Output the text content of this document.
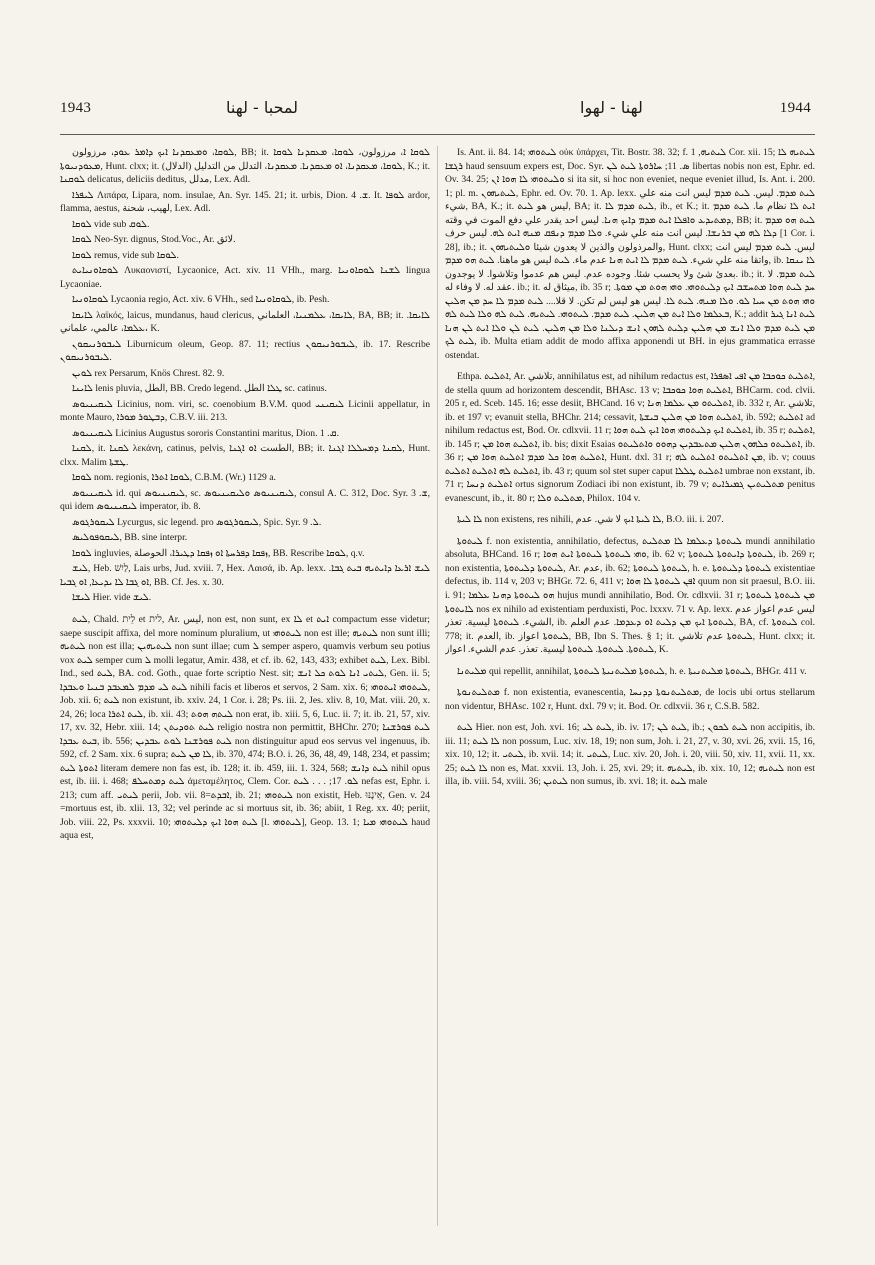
1943	لمحبا - لهنا	لهنا - لهوا	1944

ܠܘܩܐ، ܘܡܥܩܕܢܐ ܐܝܟ ܕܐܡܪ ܥܘܕ، مرزولون, BB; it. ܠܘܩܐ ܐ، مرزولون، ܠܘܩܐ، ܡܥܩܕܢܐ ܠܘܩܐ ܡܥܘܕܢܝܘܬܐ, Hunt. clxx; it. ܠܘܩܐ، ܡܥܩܕܢܐ، ܐܘ ܡܥܩܕܢܐ. ܡܥܩܕܢܐ، التدلل من التدليل (الدلال), K.; it. ܠܘܩܢܐ delicatus, deliciis deditus, مدلل, Lex. Adl.

ܠܝܦܪܐ Λιπάρα, Lipara, nom. insulae, An. Syr. 145. 21; it. urbis, Dion. ܫ. 4. It. ܠܘܦܐ ardor, flamma, aestus, لهيب، شحنة, Lex. Adl.

ܠܘܩܐ vide sub ܠܘܩ.

ܠܘܩܐ Neo-Syr. dignus, Stod.Voc., Ar. لائق.

ܠܘܩܐ remus, vide sub ܠܘܩܐ.

ܠܘܩܐܘܢܝܐܝܬ Λυκαονιστί, Lycaonice, Act. xiv. 11 VHh., marg. ܠܫܢܐ ܠܘܩܐܘܢܝܐ lingua Lycaoniae.

ܠܘܩܐܘܢܝܐ Lycaonia regio, Act. xiv. 6 VHh., sed ܠܘܩܐܘܢܝܐ, ib. Pesh.

ܠܐܝܩܐ λαϊκός, laicus, mundanus, haud clericus, ܠܐܝܩܐ، ܥܠܡܢܝܐ، العلماني, BA, BB; it. ܠܐܝܩܐ. ܥܠܡܐ، عالمي، علماني، K.

ܠܝܒܘܪܢܝܩܘܢ Liburnicum oleum, Geop. 87. 11; rectius ܠܝܒܘܪܢܝܩܘܢ, ib. 17. Rescribe ܠܝܒܘܪܢܝܩܘܢ.

ܠܘܝܢ rex Persarum, Knös Chrest. 82. 9.

ܠܐܝܢܐ lenis pluvia, الطل, BB. Credo legend. ܛܠܐ الطل sc. catinus.

ܠܝܩܝܢܝܘܣ Licinius, nom. viri, sc. coenobium B.V.M. quod ܠܝܩܝܢܝ Licinii appellatur, in monte Mauro, ܕܒܛܘܪ ܡܘܪܐ, C.B.V. iii. 213.

ܠܝܩܝܢܝܘܣ Licinius Augustus sororis Constantini maritus, Dion. ܩ. 1.

ܠܩܢܐ, it. ܠܩܢܐ λεκάνη, catinus, pelvis, الطست ܐܘ ܐܓܢܐ, BB; it. ܠܩܢܐ ܕܡܚܠܠܐ ܐܓܢܐ, Hunt. clxx. Malim ܛܫܬܐ.

ܠܘܩܐ nom. regionis, ܠܘܩܐ ܐܬܪܐ, C.B.M. (Wr.) 1129 a.

ܠܝܩܝܢܝܘܣ id. qui ܠܝܩܝܢܝܘܣ, sc. ܠܝܩܝܢܝܘܣ ܘܠܝܩܝܢܝܘܣ, consul A. C. 312, Doc. Syr. ܫ. 3, qui idem ܠܝܩܝܢܝܘܣ imperator, ib. 8.

ܠܝܩܘܪܓܘܣ Lycurgus, sic legend. pro ܠܝܩܘܪܓܘܣ, Spic. Syr. ܠ. 9.

ܠܝܩܘܦܘܠܝܣ, BB. sine interpr.

ܠܘܩܐ ingluvies, ܙܦܩܐ ܕܦܪܚܬܐ ܐܘ ܙܦܩܐ ܕܛܝܪܐ، الحوصلة, BB. Rescribe ܠܘܩܐ, q.v.

ܠܝܫ, Heb. לַיִשׁ, Lais urbs, Jud. xviii. 7, Hex. Λαισά, ib. Ap. lexx. ܠܝܫ ܐܪܥܐ ܕܐܝܬܝܗ ܒܝܬ ܓܒܐ. ܐܘ ܓܒܐ ܠܐ ܝܕܝܥܐ, ܐܘ ܓܒܝܐ, BB. Cf. Jes. x. 30.

ܠܝܫܐ Hier. vide ܠܝܫ.

ܠܝܬ, Chald. לֵית et לית, Ar. ليس, non est, non sunt, ex ܠܐ et ܐܝܬ compactum esse videtur; saepe suscipit affixa, del more nominum pluralium, ut ܠܝܬܘܗܝ non est ille; ܠܝܬܝܗ non sunt illi; ܠܝܬܝܗ non est illa; ܠܝܬܝܗܝܢ non sunt illae; cum ܠ semper aspero, quamvis verbum seu potius vox ܠܝܬ semper cum ܠ molli legatur, Amir. 438, et cf. ib. 62, 143, 433; exhibet ܠܝܬ, Lex. Bibl. Ind., sed ܠܝܬ, BA. cod. Goth., quae forte scriptio Nest. sit; ܠܝܬܝ ܐܢܐ ܠܘܬ ܟܠ ܐܢܫ, Gen. ii. 5; ܠܝܬ ܠܝ ܡܕܡ ܠܡܥܒܕ ܒܢܝܐ ܘܥܒܕܐ nihili facis et liberos et servos, 2 Sam. xix. 6; ܠܝܬܘܗܝ ܐܝܬܘܗܝ, Job. xii. 6; ܠܝܬ non existunt, ib. xxiv. 24, 1 Cor. i. 28; Ps. iii. 2, Jes. xliv. 8, 10, Mat. viii. 20, x. 24, 26; loca ܠܝܬ ܐܬܪܐ, ib. xii. 43; ܠܝܬܗ ܗܘܬ non erat, ib. xiii. 5, 6, Luc. ii. 7; it. ib. 21, 57, xiv. 17, xv. 32, Hebr. xiii. 14; ܠܝܬ ܬܘܕܝܬܢ religio nostra non permittit, BHChr. 270; ܠܝܬ ܦܘܪܫܢܐ ܒܝܬ ܥܒܕܐ, ib. 556; ܠܝܬ ܦܘܪܫܢܐ ܠܘܬ ܥܒܕܝܢ non distinguitur apud eos servus vel ingenuus, ib. 592, cf. 2 Sam. xix. 6 supra; ܠܐ ܡܢ ܠܝܬ, ib. 370, 474; B.O. i. 26, 36, 48, 49, 148, 234, et passim; ܐܬܘܬܐ ܠܝܬ literam demere non fas est, ib. 128; it. ib. 459, iii. 1. 324, 568; ܠܝܬ ܕܐܢܫ nihil opus est, ib. iii. i. 468; ܠܝܬ ܕܡܬܚܠܦ ἀμεταμέλητος, Clem. Cor. ܠܘ. 17; . . . ܠܝܬ nefas est, Ephr. i. 213; cum aff. ܠܝܬܝ perii, Job. vii. 8=ܐܒܕܬ, ib. 21; ܠܝܬܘܗܝ non existit, Heb. אֵינֶנּוּ, Gen. v. 24 =mortuus est, ib. xlii. 13, 32; vel perinde ac si mortuus sit, ib. 36; abiit, 1 Reg. xx. 40; periit, Job. viii. 22, Ps. xxxvii. 10; ܠܝܬ ܗܘܐ ܐܝܟ ܕܠܝܬܘܗܝ [l. ܠܝܬܘܗܝ], Geop. 13. 1; ܠܝܬܘܗܝ ܡܝܐ haud aqua est,

Is. Ant. ii. 84. 14; ܠܝܬܘܗܝ οὐκ ὑπάρχει, Tit. Bostr. 38. 32; f. ܠܝܬܝܗ, 1 Cor. xii. 15; ܠܝܬܝܗ ܠܐ ܪܓܫܐ haud sensuum expers est, Doc. Syr. ܣ. 11; ܚܐܪܘܬܐ ܠܝܬ ܠܢ libertas nobis non est, Ephr. ed. Ov. 34. 25; ܘܠܝܬܘܗܝ ܠܐ ܗܘܐ ܐܢ si ita sit, si hoc non eveniet, neque eveniet illud, Is. Ant. i. 200. 1; pl. m. ܠܝܬܝܗܘܢ, Ephr. ed. Ov. 70. 1. Ap. lexx. ܠܝܬ ܡܕܡ. ليس. ܠܝܬ ܡܕܡ ليس انت منه علي شيء, BA, K.; it. ليس هو ܠܝܬ, BA; it. ܠܝܬ ܡܕܡ ܠܐ, ib., et K.; it. ܐܝܬ ܠܐ نظام ما. ܠܝܬ ܡܕܡ ܕܡܬܝܕܥ ܘܐܦܠܐ ܐܝܬ ܡܕܡ ܕܐܝܟ ܗܢܐ. ليس احد يقدر علي دفع الموت في وقته, BB; it. ܠܝܬ ܗܘ ܡܕܡ ܕܠܐ ܠܗ ܡܢ ܒܪܢܫܐ. ليس انت منه علي شيء. ܘܠܐ ܡܕܡ ܕܢܦܩ ܡܢܗ ܐܝܬ ܠܗ. ليس حرف [1 Cor. i. 28], ib.; it. والمرذولون والذين لا يعدون شيئا ܘܠܝܬܝܗܘܢ, Hunt. clxx; ليس. ܠܝܬ ܡܕܡ ليس انت واتقا منه علي شيء. ܠܝܬ ܡܕܡ ܠܐ ܐܝܬ ܗܢܐ عدم ماء. ܠܝܬ ليس هو ماهنا. ܠܝܬ ܗܘ ܡܕܡ, ib. ܠܐ ܝܢܩܐ بعدئ شئ ولا يحسب شئا. وجوده عدم. ليس هم عدموا وتلاشوا. لا يوجدون. ib.; it. ܠܝܬ ܡܕܡ. لا عقد له. لا وفاء له. ib.; it. ميثاق له, ib. 35 r; ܚܕ ܠܝܬ ܗܘܐ ܡܬܚܫܒ ܐܝܟ ܕܠܝܬܘܗܝ. ܘܗܝ ܗܘܬ ܡܢ ܡܘܬܐ. ܘܗܝ ܗܘܬ ܡܢ ܚܝܐ ܠܘ. ܘܠܐ ܡܢܗ. ܠܝܬ ܠܐ. ليس هو ليس لم تكن. لا قلا.... ܠܝܬ ܡܕܡ ܠܐ ܚܕ ܡܢ ܗܠܝܢ ܒܥܠܡܐ ܘܠܐ ܐܝܬ ܡܢ ܗܠܝܢ. ܠܝܬ ܡܕܡ. ܠܝܬܘܗܝ. ܠܝܬܝܗ. ܠܝܬ ܠܗ ܘܠܐ ܠܝܬ ܠܗ, K.; addit ܠܝܬ ܐܢܐ ܓܝܪ ܡܢ ܠܝܬ ܡܕܡ ܘܠܐ ܐܢܫ ܡܢ ܗܠܝܢ ܕܠܝܬ ܠܗܘܢ ܐܢܫ ܕܝܠܢܐ ܘܠܐ ܡܢ ܗܠܝܢ. ܠܝܬ ܠܢ ܘܠܐ ܐܝܬ ܠܢ ܗܢܐ ܠܝܬ ܠܟ, ib. Multa etiam addit de modo affixa apponendi ut BH. in ejus grammatica errasse ostendat.

Ethpa. ܐܬܠܝܬ, Ar. تلاشي, annihilatus est, ad nihilum redactus est, ܐܬܠܝܬ ܟܘܟܒܐ ܡܢ ܐܦܝ ܐܣܦܪܐ, de stella quum ad horizontem descendit, BHAsc. 13 v; ܐܬܠܝܬ ܗܘܐ ܟܘܟܒܐ, BHCarm. cod. clvii. 205 r, ed. Sceb. 145. 16; esse desiit, BHCand. 16 v; ܐܬܠܝܬܘ ܡܢ ܥܠܡܐ ܗܢܐ, ib. 332 r, Ar. تلاشي, ib. et 197 v; evanuit stella, BHChr. 214; cessavit, ܐܬܠܝܬ ܗܘܐ ܡܢ ܗܠܝܢ ܒܝܫܬܐ, ib. 592; ܐܬܠܝܬ ad nihilum redactus est, Bod. Or. cdlxvii. 11 r; ܐܬܠܝܬ ܐܝܟ ܕܠܝܬܘܗܝ ܗܘܐ ܐܝܟ ܠܝܬ ܗܘܐ, ib. 35 r; ܐܬܠܝܬ, ib. 145 r; ܐܬܠܝܬ ܗܘܐ ܡܢ, ib. bis; dixit Esaias ܐܬܠܝܬܘ ܟܠܗܘܢ ܗܠܝܢ ܡܬܥܒܕܝܢ ܕܗܘܘ ܘܐܬܠܝܬܘ, ib. 36 r; ܐܬܠܝܬ ܗܘܐ ܟܠ ܡܕܡ ܐܬܠܝܬ ܗܘܐ ܡܢ, Hunt. dxl. 31 r; ܡܢ ܐܬܠܝܬܘ ܐܬܠܝܬ ܠܗ, ib. v; couus ܐܬܠܝܬ ܠܗ ܐܬܠܝܬ ܐܬܠܝܬ, ib. 43 r; quum sol stet super caput ܐܬܠܝܬ ܛܠܠܐ umbrae non exstant, ib. 71 r; ܐܬܠܝܬ ܕܢܚܐ ortus signorum Zodiaci ibi non existunt, ib. 79 v; ܡܬܠܝܬܝܢ ܓܡܝܪܐܝܬ penitus evanescunt, ib., it. 80 r; ܡܬܠܝܬ ܘܠܐ, Philox. 104 v.

ܠܐ ܠܝܬܐ non existens, res nihili, ܠܐ ܠܝܬܐ ܐܝܟ لا شي. عدم, B.O. iii. i. 207.

ܠܝܬܘܬܐ f. non existentia, annihilatio, defectus, ܠܝܬܘܬܐ ܕܥܠܡܐ ܠܐ ܡܬܠܝܬ mundi annihilatio absoluta, BHCand. 16 r; ܘܗܝ ܠܝܬܘܬܐ ܠܝܬܘܬܐ ܐܝܬ ܗܘܐ, ib. 62 v; ܠܝܬܘܬܐ ܕܐܝܬܘܬܐ ܠܝܬܘܬܐ, ib. 269 r; non existentia, ܠܝܬܘܬܐ ܕܠܝܬܘܬܐ, Ar. عدم, ib. 62; ܠܝܬܘܬܐ ܠܝܬܘܬܐ, h. e. ܠܝܬܘܬܐ ܕܠܝܬܘܬܐ existentiae defectus, ib. 114 v, 203 v; BHGr. 72. 6, 411 v; ܐܦܢ ܠܝܬܘܬܐ ܠܐ ܗܘܐ quum non sit praesul, B.O. iii. i. 91; ܗܘ ܠܝܬܘܬܐ ܕܗܢܐ ܥܠܡܐ hujus mundi annihilatio, Bod. Or. cdlxvii. 31 r; ܡܢ ܠܝܬܘܬܐ ܠܝܬܘܬܐ ܠܐܝܬܘܬܐ nos ex nihilo ad existentiam perduxisti, Poc. lxxxv. 71 v. Ap. lexx. ليس عدم اعواز عدم الشيء. ܠܝܬܘܬܐ ليسية. تعذر, ib. ܠܝܬܘܬܐ ܐܝܟ ܡܢ ܕܠܝܬ ܐܘ ܕܥܕܡܐ. عدم العلم, BA, cf. ܠܝܬܘܬܐ col. 778; it. العدم, ib. ܠܝܬܘܬܐ اعواز, BB, Ibn S. Thes. § 1; it. ܠܝܬܘܬܐ عدم تلاشي, Hunt. clxx; it. ܠܝܬܘܬܐ. ܠܝܬܘܬܐ. ܠܝܬܘܬܐ ليسية. تعذر. عدم الشيء. اعواز, K.

ܡܠܝܬܢܐ qui repellit, annihilat, ܠܝܬܘܬܐ ܡܠܝܬܢܝܬܐ ܠܝܬܘܬܐ, h. e. ܠܝܬܘܬܐ ܡܠܝܬܢܝܬܐ, BHGr. 411 v.

ܡܬܠܝܬܢܘܬܐ f. non existentia, evanescentia, ܡܬܠܝܬܢܘܬܐ ܕܕܢܚܐ, de locis ubi ortus stellarum non videntur, BHAsc. 102 r, Hunt. dxl. 79 v; it. Bod. Or. cdlxvii. 36 r, C.S.B. 582.

ܠܝܬ Hier. non est, Joh. xvi. 16; ܠܝܬ ܠܝ, ib. iv. 17; ܠܝܬ ܠܢ, ib.; ܠܝܬ ܠܟܘܢ non accipitis, ib. iii. 11; ܠܐ ܠܝܬ non possum, Luc. xiv. 18, 19; non sum, Joh. i. 21, 27, v. 30, xvi. 26, xvii. 15, 16, xix. 10, 12; it. ܠܝܬܝ, ib. xvii. 14; it. ܠܝܬܝ, Luc. xiv. 20, Joh. i. 20, viii. 50, xiv. 11, xvii. 11, xx. 25; ܠܐ ܠܝܬ non es, Mat. xxvii. 13, Joh. i. 25, xvi. 29; it. ܠܝܬܝܗ, ib. xix. 10, 12; ܠܝܬܝܗ non est illa, ib. viii. 54, xviii. 36; ܠܝܬܝܢ non sumus, ib. xvi. 18; it. ܠܝܬ male
